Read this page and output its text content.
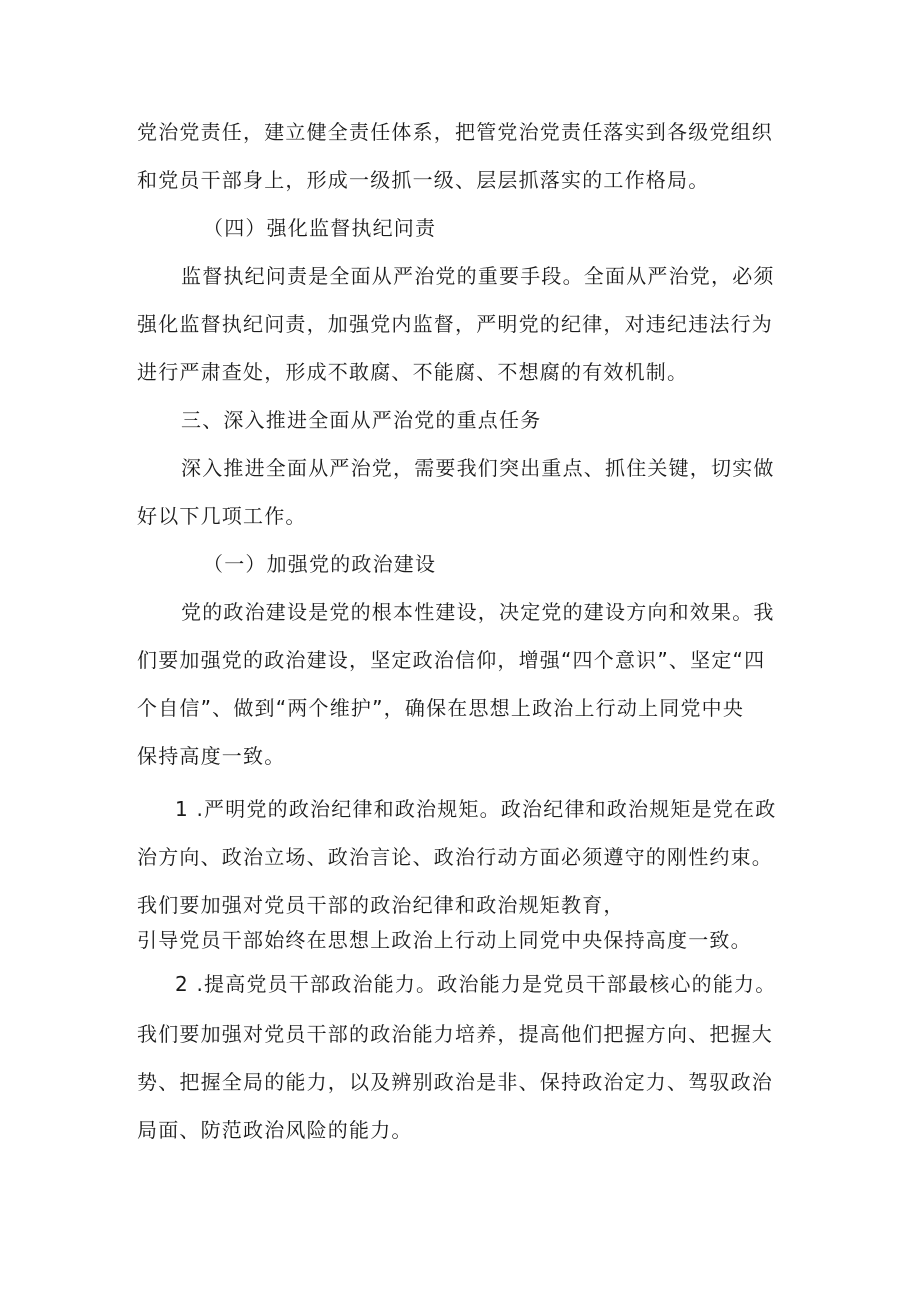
党治党责任，建立健全责任体系，把管党治党责任落实到各级党组织
和党员干部身上，形成一级抓一级、层层抓落实的工作格局。
（四）强化监督执纪问责
监督执纪问责是全面从严治党的重要手段。全面从严治党，必须
强化监督执纪问责，加强党内监督，严明党的纪律，对违纪违法行为
进行严肃查处，形成不敢腐、不能腐、不想腐的有效机制。
三、深入推进全面从严治党的重点任务
深入推进全面从严治党，需要我们突出重点、抓住关键，切实做
好以下几项工作。
（一）加强党的政治建设
党的政治建设是党的根本性建设，决定党的建设方向和效果。我
们要加强党的政治建设，坚定政治信仰，增强“四个意识”、坚定“四
个自信”、做到“两个维护”，确保在思想上政治上行动上同党中央
保持高度一致。
1 .严明党的政治纪律和政治规矩。政治纪律和政治规矩是党在政
治方向、政治立场、政治言论、政治行动方面必须遵守的刚性约束。
我们要加强对党员干部的政治纪律和政治规矩教育，
引导党员干部始终在思想上政治上行动上同党中央保持高度一致。
2 .提高党员干部政治能力。政治能力是党员干部最核心的能力。
我们要加强对党员干部的政治能力培养，提高他们把握方向、把握大
势、把握全局的能力，以及辨别政治是非、保持政治定力、驾驭政治
局面、防范政治风险的能力。
